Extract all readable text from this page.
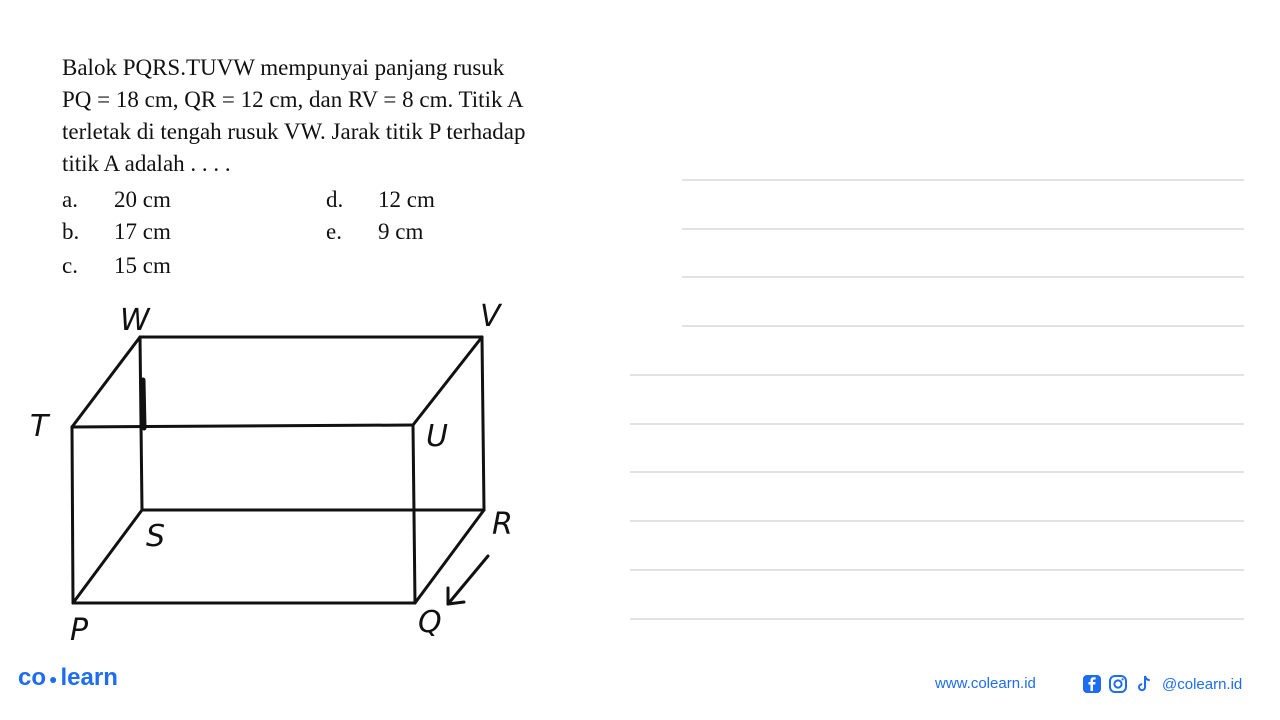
Balok PQRS.TUVW mempunyai panjang rusuk
PQ = 18 cm, QR = 12 cm, dan RV = 8 cm. Titik A
terletak di tengah rusuk VW. Jarak titik P terhadap
titik A adalah . . . .
a. 20 cm
b. 17 cm
c. 15 cm
d. 12 cm
e. 9 cm
W	V
T	U
S	R
P	Q
co ● learn	www.colearn.id	@colearn.id
